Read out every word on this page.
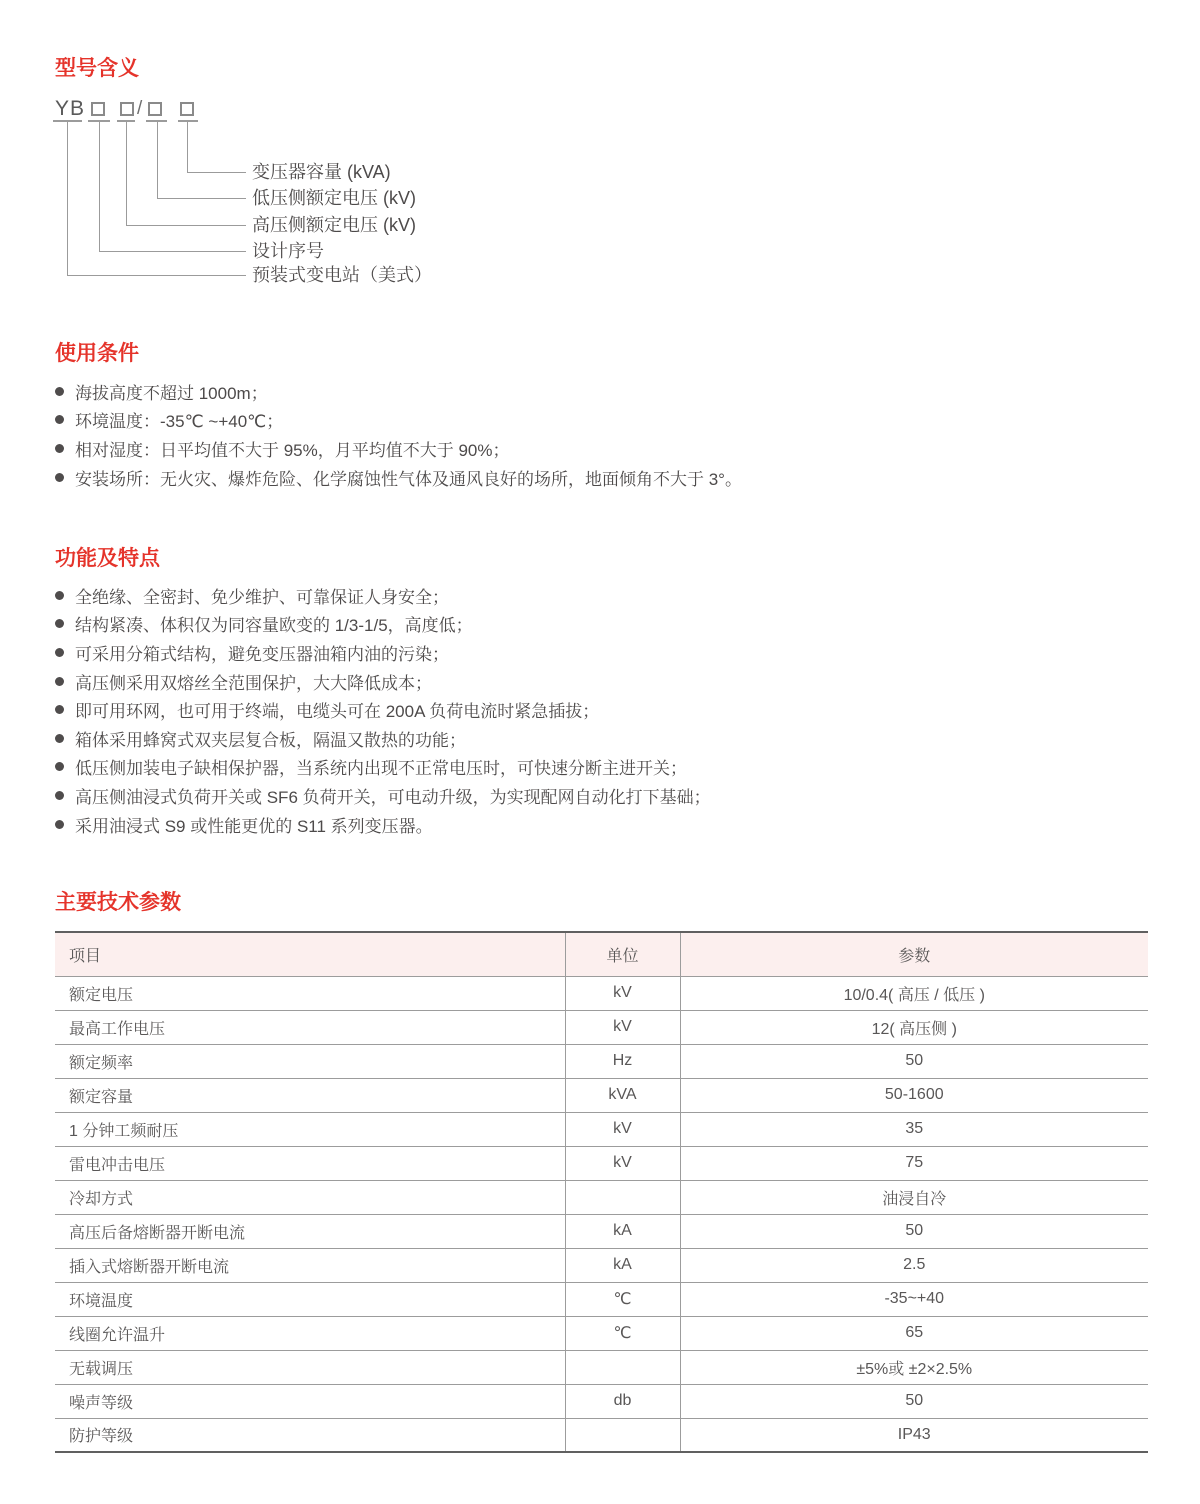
型号含义
YB	/
变压器容量 (kVA)
低压侧额定电压 (kV)
高压侧额定电压 (kV)
设计序号
预装式变电站（美式）
使用条件
海拔高度不超过 1000m；
环境温度：-35℃ ~+40℃；
相对湿度：日平均值不大于 95%，月平均值不大于 90%；
安装场所：无火灾、爆炸危险、化学腐蚀性气体及通风良好的场所，地面倾角不大于 3°。
功能及特点
全绝缘、全密封、免少维护、可靠保证人身安全；
结构紧凑、体积仅为同容量欧变的 1/3-1/5，高度低；
可采用分箱式结构，避免变压器油箱内油的污染；
高压侧采用双熔丝全范围保护，大大降低成本；
即可用环网，也可用于终端，电缆头可在 200A 负荷电流时紧急插拔；
箱体采用蜂窝式双夹层复合板，隔温又散热的功能；
低压侧加装电子缺相保护器，当系统内出现不正常电压时，可快速分断主进开关；
高压侧油浸式负荷开关或 SF6 负荷开关，可电动升级，为实现配网自动化打下基础；
采用油浸式 S9 或性能更优的 S11 系列变压器。
主要技术参数
项目	单位	参数
额定电压	kV	10/0.4( 高压 / 低压 )
最高工作电压	kV	12( 高压侧 )
额定频率	Hz	50
额定容量	kVA	50-1600
1 分钟工频耐压	kV	35
雷电冲击电压	kV	75
冷却方式		油浸自冷
高压后备熔断器开断电流	kA	50
插入式熔断器开断电流	kA	2.5
环境温度	℃	-35~+40
线圈允许温升	℃	65
无载调压		±5%或 ±2×2.5%
噪声等级	db	50
防护等级		IP43
